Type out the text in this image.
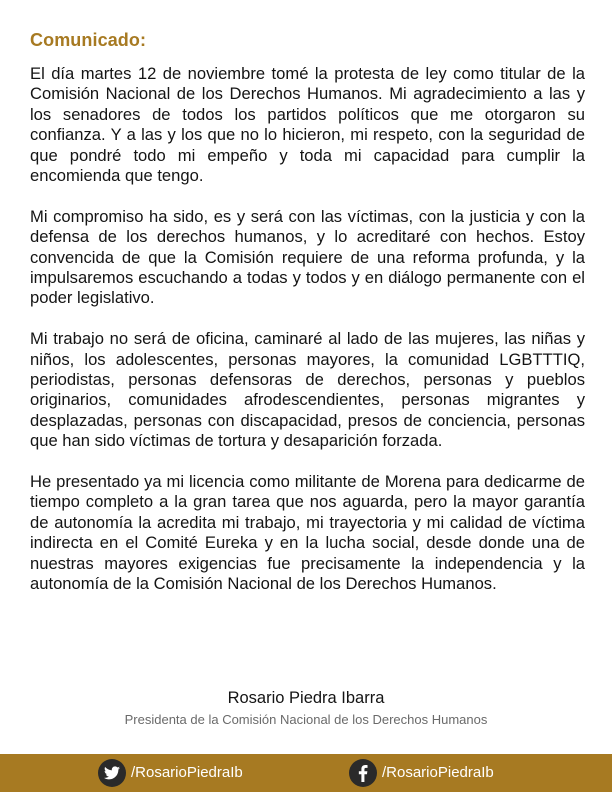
Comunicado:

El día martes 12 de noviembre tomé la protesta de ley como titular de la Comisión Nacional de los Derechos Humanos. Mi agradecimiento a las y los senadores de todos los partidos políticos que me otorgaron su confianza. Y a las y los que no lo hicieron, mi respeto, con la seguridad de que pondré todo mi empeño y toda mi capacidad para cumplir la encomienda que tengo.

Mi compromiso ha sido, es y será con las víctimas, con la justicia y con la defensa de los derechos humanos, y lo acreditaré con hechos. Estoy convencida de que la Comisión requiere de una reforma profunda, y la impulsaremos escuchando a todas y todos y en diálogo permanente con el poder legislativo.

Mi trabajo no será de oficina, caminaré al lado de las mujeres, las niñas y niños, los adolescentes, personas mayores, la comunidad LGBTTTIQ, periodistas, personas defensoras de derechos, personas y pueblos originarios, comunidades afrodescendientes, personas migrantes y desplazadas, personas con discapacidad, presos de conciencia, personas que han sido víctimas de tortura y desaparición forzada.

He presentado ya mi licencia como militante de Morena para dedicarme de tiempo completo a la gran tarea que nos aguarda, pero la mayor garantía de autonomía la acredita mi trabajo, mi trayectoria y mi calidad de víctima indirecta en el Comité Eureka y en la lucha social, desde donde una de nuestras mayores exigencias fue precisamente la independencia y la autonomía de la Comisión Nacional de los Derechos Humanos.

Rosario Piedra Ibarra
Presidenta de la Comisión Nacional de los Derechos Humanos
/RosarioPiedraIb	/RosarioPiedraIb
